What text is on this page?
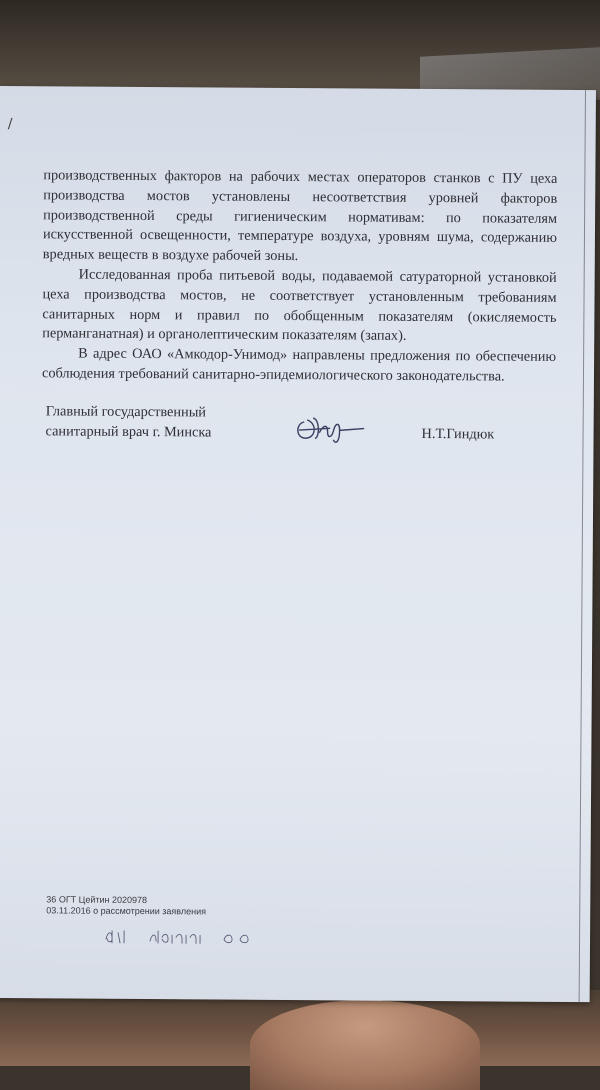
/

производственных факторов на рабочих местах операторов станков с ПУ цеха производства мостов установлены несоответствия уровней факторов производственной среды гигиеническим нормативам: по показателям искусственной освещенности, температуре воздуха, уровням шума, содержанию вредных веществ в воздухе рабочей зоны.

Исследованная проба питьевой воды, подаваемой сатураторной установкой цеха производства мостов, не соответствует установленным требованиям санитарных норм и правил по обобщенным показателям (окисляемость перманганатная) и органолептическим показателям (запах).

В адрес ОАО «Амкодор-Унимод» направлены предложения по обеспечению соблюдения требований санитарно-эпидемиологического законодательства.

Главный государственный
санитарный врач г. Минска	Н.Т.Гиндюк
36 ОГТ Цейтин 2020978
03.11.2016 о рассмотрении заявления
